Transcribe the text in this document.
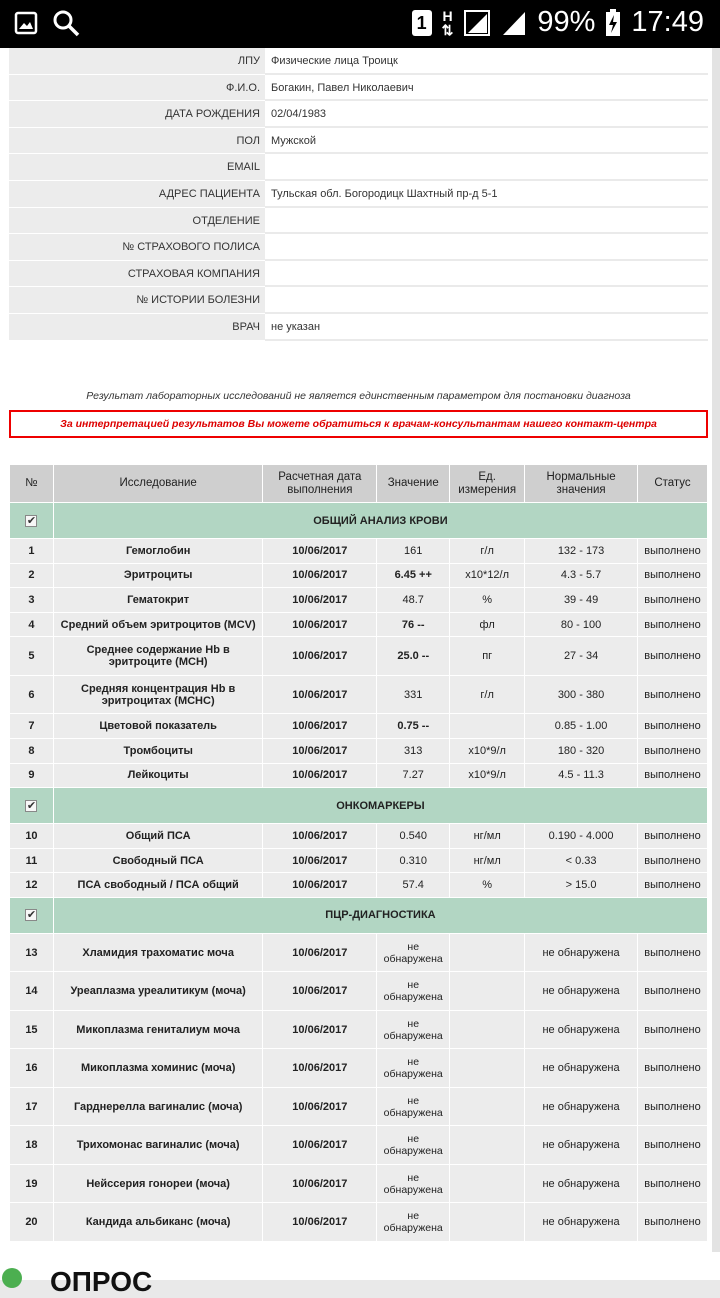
1	H
⇅	99% 17:49
ЛПУ	Физические лица Троицк
Ф.И.О.	Богакин, Павел Николаевич
ДАТА РОЖДЕНИЯ	02/04/1983
ПОЛ	Мужской
EMAIL
АДРЕС ПАЦИЕНТА	Тульская обл. Богородицк Шахтный пр-д 5-1
ОТДЕЛЕНИЕ
№ СТРАХОВОГО ПОЛИСА
СТРАХОВАЯ КОМПАНИЯ
№ ИСТОРИИ БОЛЕЗНИ
ВРАЧ	не указан
Результат лабораторных исследований не является единственным параметром для постановки диагноза
За интерпретацией результатов Вы можете обратиться к врачам-консультантам нашего контакт-центра
№	Исследование	Расчетная дата выполнения	Значение	Ед. измерения	Нормальные значения	Статус
✔	ОБЩИЙ АНАЛИЗ КРОВИ					
1	Гемоглобин	10/06/2017	161	г/л	132 - 173	выполнено
2	Эритроциты	10/06/2017	6.45 ++	x10*12/л	4.3 - 5.7	выполнено
3	Гематокрит	10/06/2017	48.7	%	39 - 49	выполнено
4	Средний объем эритроцитов (MCV)	10/06/2017	76 --	фл	80 - 100	выполнено
5	Среднее содержание Hb в эритроците (MCH)	10/06/2017	25.0 --	пг	27 - 34	выполнено
6	Средняя концентрация Hb в эритроцитах (MCHC)	10/06/2017	331	г/л	300 - 380	выполнено
7	Цветовой показатель	10/06/2017	0.75 --		0.85 - 1.00	выполнено
8	Тромбоциты	10/06/2017	313	x10*9/л	180 - 320	выполнено
9	Лейкоциты	10/06/2017	7.27	x10*9/л	4.5 - 11.3	выполнено
✔	ОНКОМАРКЕРЫ					
10	Общий ПСА	10/06/2017	0.540	нг/мл	0.190 - 4.000	выполнено
11	Свободный ПСА	10/06/2017	0.310	нг/мл	< 0.33	выполнено
12	ПСА свободный / ПСА общий	10/06/2017	57.4	%	> 15.0	выполнено
✔	ПЦР-ДИАГНОСТИКА					
13	Хламидия трахоматис моча	10/06/2017	не обнаружена		не обнаружена	выполнено
14	Уреаплазма уреалитикум (моча)	10/06/2017	не обнаружена		не обнаружена	выполнено
15	Микоплазма гениталиум моча	10/06/2017	не обнаружена		не обнаружена	выполнено
16	Микоплазма хоминис (моча)	10/06/2017	не обнаружена		не обнаружена	выполнено
17	Гарднерелла вагиналис (моча)	10/06/2017	не обнаружена		не обнаружена	выполнено
18	Трихомонас вагиналис (моча)	10/06/2017	не обнаружена		не обнаружена	выполнено
19	Нейссерия гонореи (моча)	10/06/2017	не обнаружена		не обнаружена	выполнено
20	Кандида альбиканс (моча)	10/06/2017	не обнаружена		не обнаружена	выполнено
ОПРОС
